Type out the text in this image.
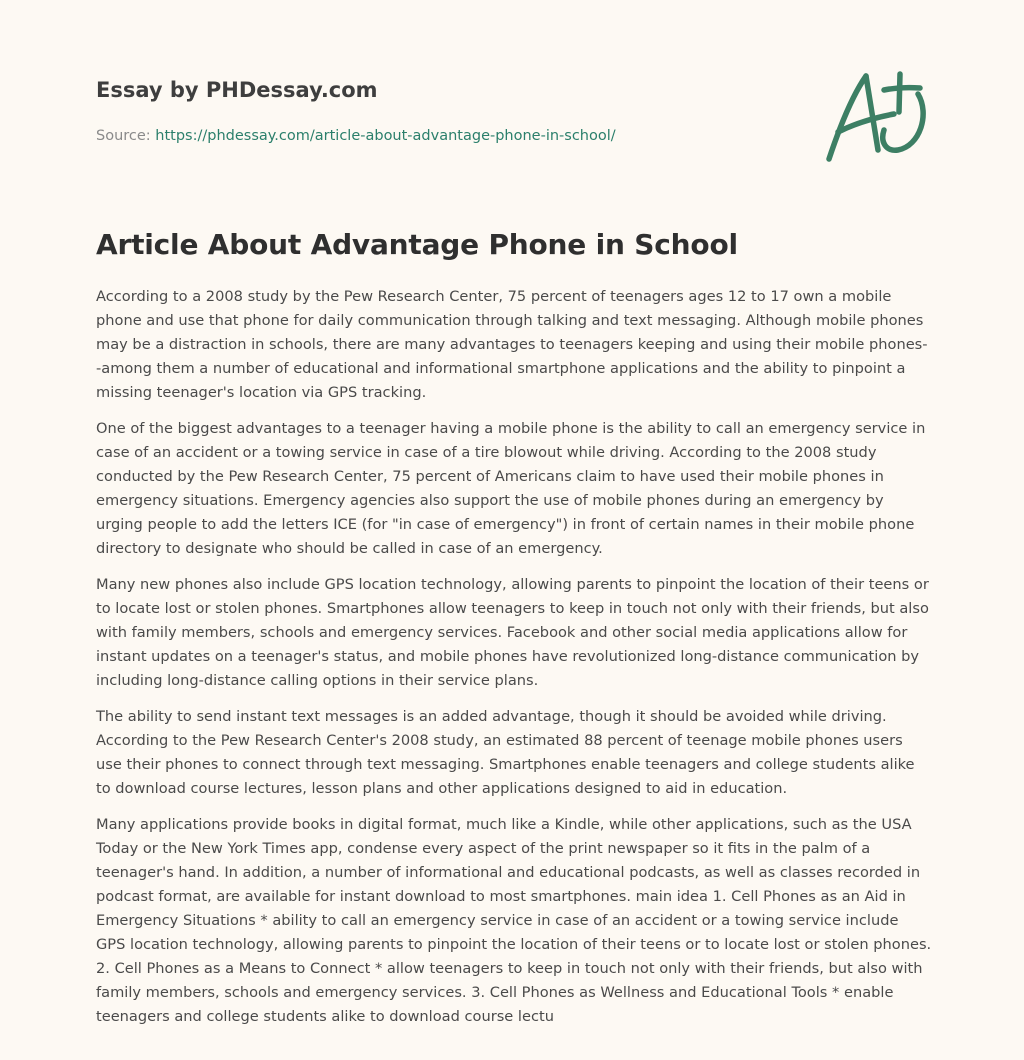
Essay by PHDessay.com
Source: https://phdessay.com/article-about-advantage-phone-in-school/
Article About Advantage Phone in School

According to a 2008 study by the Pew Research Center, 75 percent of teenagers ages 12 to 17 own a mobile phone and use that phone for daily communication through talking and text messaging. Although mobile phones may be a distraction in schools, there are many advantages to teenagers keeping and using their mobile phones--among them a number of educational and informational smartphone applications and the ability to pinpoint a missing teenager's location via GPS tracking.

One of the biggest advantages to a teenager having a mobile phone is the ability to call an emergency service in case of an accident or a towing service in case of a tire blowout while driving. According to the 2008 study conducted by the Pew Research Center, 75 percent of Americans claim to have used their mobile phones in emergency situations. Emergency agencies also support the use of mobile phones during an emergency by urging people to add the letters ICE (for "in case of emergency") in front of certain names in their mobile phone directory to designate who should be called in case of an emergency.

Many new phones also include GPS location technology, allowing parents to pinpoint the location of their teens or to locate lost or stolen phones. Smartphones allow teenagers to keep in touch not only with their friends, but also with family members, schools and emergency services. Facebook and other social media applications allow for instant updates on a teenager's status, and mobile phones have revolutionized long-distance communication by including long-distance calling options in their service plans.

The ability to send instant text messages is an added advantage, though it should be avoided while driving. According to the Pew Research Center's 2008 study, an estimated 88 percent of teenage mobile phones users use their phones to connect through text messaging. Smartphones enable teenagers and college students alike to download course lectures, lesson plans and other applications designed to aid in education.

Many applications provide books in digital format, much like a Kindle, while other applications, such as the USA Today or the New York Times app, condense every aspect of the print newspaper so it fits in the palm of a teenager's hand. In addition, a number of informational and educational podcasts, as well as classes recorded in podcast format, are available for instant download to most smartphones. main idea 1. Cell Phones as an Aid in Emergency Situations * ability to call an emergency service in case of an accident or a towing service include GPS location technology, allowing parents to pinpoint the location of their teens or to locate lost or stolen phones. 2. Cell Phones as a Means to Connect * allow teenagers to keep in touch not only with their friends, but also with family members, schools and emergency services. 3. Cell Phones as Wellness and Educational Tools * enable teenagers and college students alike to download course lectu
